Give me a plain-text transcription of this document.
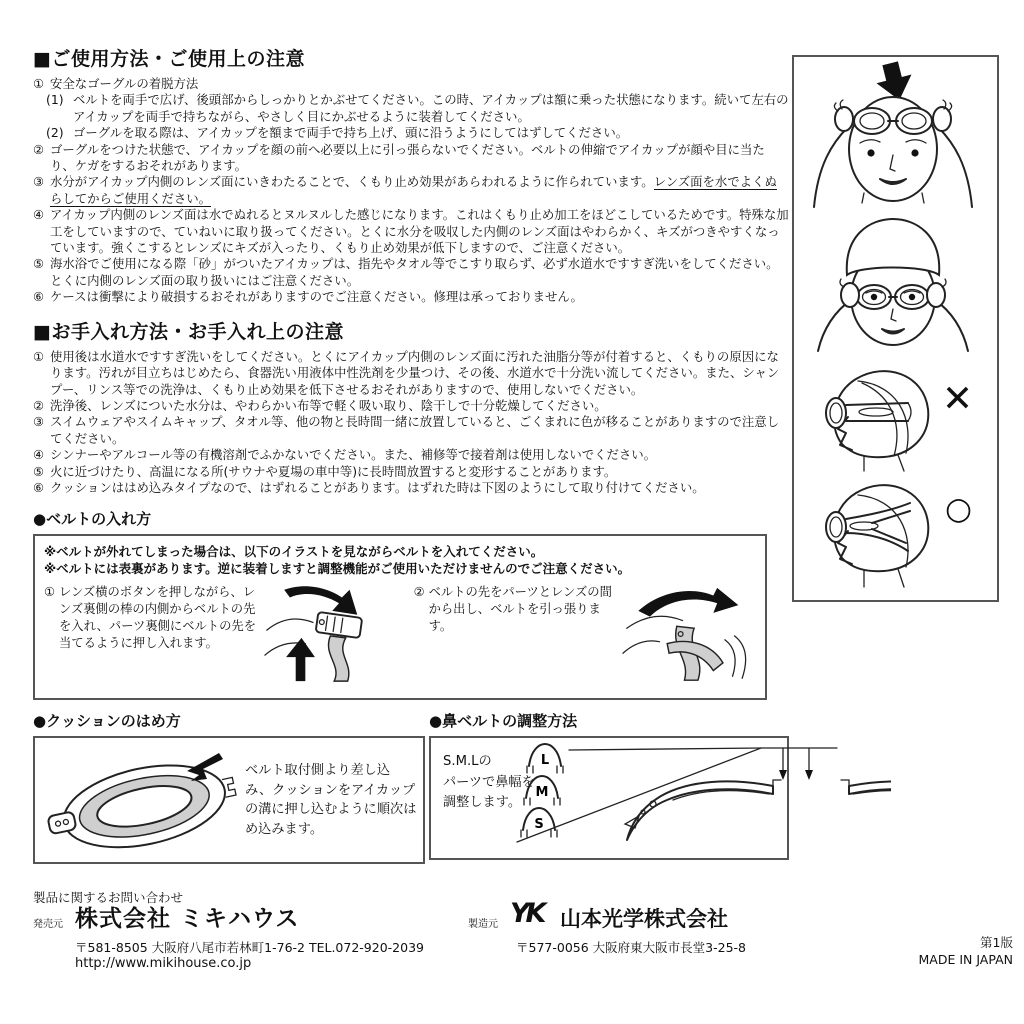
■ご使用方法・ご使用上の注意
① 安全なゴーグルの着脱方法
(1) ベルトを両手で広げ、後頭部からしっかりとかぶせてください。この時、アイカップは額に乗った状態になります。続いて左右のアイカップを両手で持ちながら、やさしく目にかぶせるように装着してください。
(2) ゴーグルを取る際は、アイカップを額まで両手で持ち上げ、頭に沿うようにしてはずしてください。
② ゴーグルをつけた状態で、アイカップを顔の前へ必要以上に引っ張らないでください。ベルトの伸縮でアイカップが顔や目に当たり、ケガをするおそれがあります。
③ 水分がアイカップ内側のレンズ面にいきわたることで、くもり止め効果があらわれるように作られています。レンズ面を水でよくぬらしてからご使用ください。
④ アイカップ内側のレンズ面は水でぬれるとヌルヌルした感じになります。これはくもり止め加工をほどこしているためです。特殊な加工をしていますので、ていねいに取り扱ってください。とくに水分を吸収した内側のレンズ面はやわらかく、キズがつきやすくなっています。強くこするとレンズにキズが入ったり、くもり止め効果が低下しますので、ご注意ください。
⑤ 海水浴でご使用になる際「砂」がついたアイカップは、指先やタオル等でこすり取らず、必ず水道水ですすぎ洗いをしてください。とくに内側のレンズ面の取り扱いにはご注意ください。
⑥ ケースは衝撃により破損するおそれがありますのでご注意ください。修理は承っておりません。
■お手入れ方法・お手入れ上の注意
① 使用後は水道水ですすぎ洗いをしてください。とくにアイカップ内側のレンズ面に汚れた油脂分等が付着すると、くもりの原因になります。汚れが目立ちはじめたら、食器洗い用液体中性洗剤を少量つけ、その後、水道水で十分洗い流してください。また、シャンプー、リンス等での洗浄は、くもり止め効果を低下させるおそれがありますので、使用しないでください。
② 洗浄後、レンズについた水分は、やわらかい布等で軽く吸い取り、陰干しで十分乾燥してください。
③ スイムウェアやスイムキャップ、タオル等、他の物と長時間一緒に放置していると、ごくまれに色が移ることがありますので注意してください。
④ シンナーやアルコール等の有機溶剤でふかないでください。また、補修等で接着剤は使用しないでください。
⑤ 火に近づけたり、高温になる所(サウナや夏場の車中等)に長時間放置すると変形することがあります。
⑥ クッションははめ込みタイプなので、はずれることがあります。はずれた時は下図のようにして取り付けてください。
●ベルトの入れ方
※ベルトが外れてしまった場合は、以下のイラストを見ながらベルトを入れてください。
※ベルトには表裏があります。逆に装着しますと調整機能がご使用いただけませんのでご注意ください。
① レンズ横のボタンを押しながら、レンズ裏側の棒の内側からベルトの先を入れ、パーツ裏側にベルトの先を当てるように押し入れます。
② ベルトの先をパーツとレンズの間から出し、ベルトを引っ張ります。
●クッションのはめ方
ベルト取付側より差し込み、クッションをアイカップの溝に押し込むように順次はめ込みます。
●鼻ベルトの調整方法
S.M.Lの
パーツで鼻幅を
調整します。
L
M
S
✕
○
製品に関するお問い合わせ
発売元 株式会社 ミキハウス
〒581-8505 大阪府八尾市若林町1-76-2 TEL.072-920-2039
http://www.mikihouse.co.jp
製造元 YK 山本光学株式会社
〒577-0056 大阪府東大阪市長堂3-25-8	第1版
MADE IN JAPAN
